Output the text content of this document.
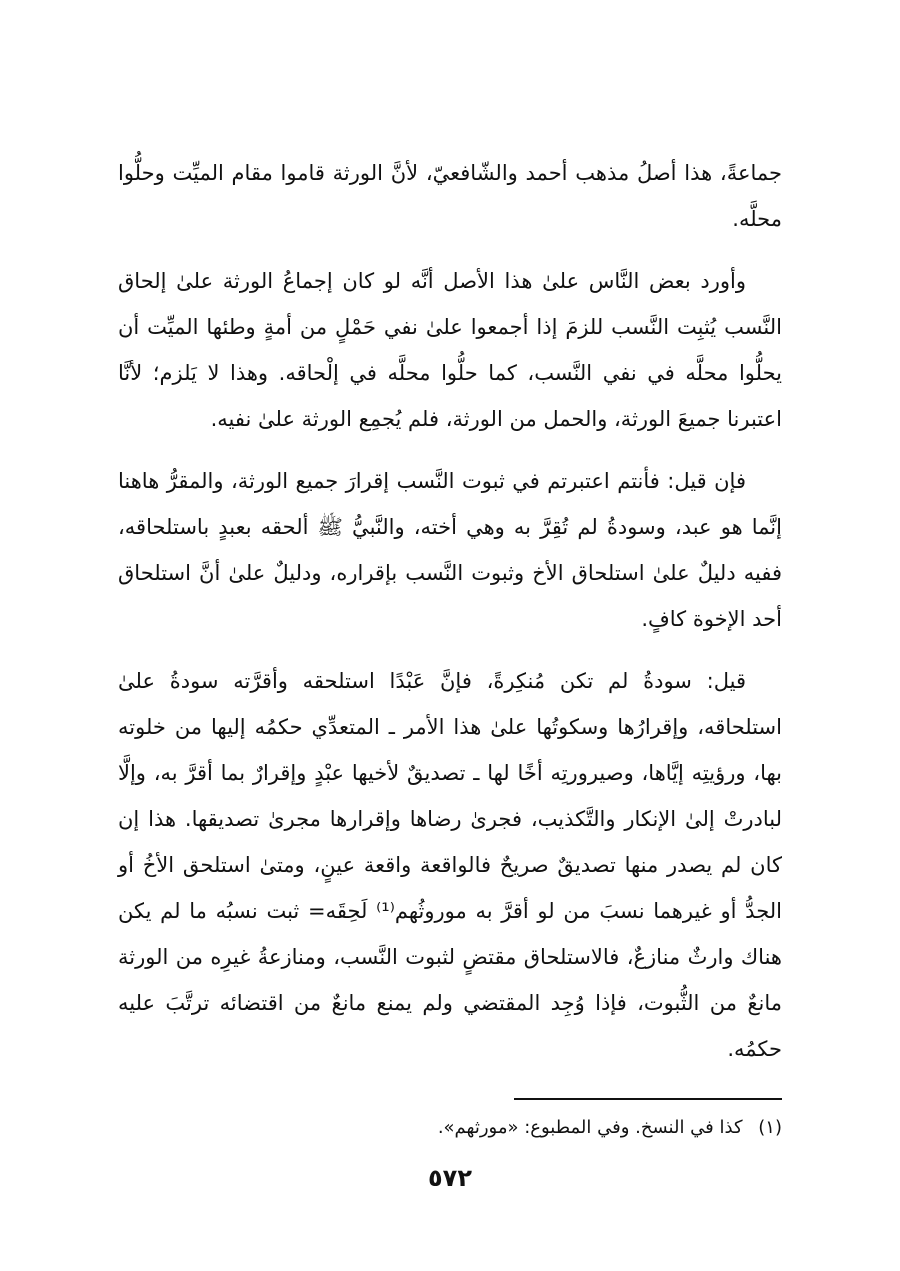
جماعةً، هذا أصلُ مذهب أحمد والشّافعيّ، لأنَّ الورثة قاموا مقام الميِّت وحلُّوا محلَّه.

وأورد بعض النَّاس علىٰ هذا الأصل أنَّه لو كان إجماعُ الورثة علىٰ إلحاق النَّسب يُثبِت النَّسب للزمَ إذا أجمعوا علىٰ نفي حَمْلٍ من أمةٍ وطئها الميِّت أن يحلُّوا محلَّه في نفي النَّسب، كما حلُّوا محلَّه في إلْحاقه. وهذا لا يَلزم؛ لأنَّا اعتبرنا جميعَ الورثة، والحمل من الورثة، فلم يُجمِع الورثة علىٰ نفيه.

فإن قيل: فأنتم اعتبرتم في ثبوت النَّسب إقرارَ جميع الورثة، والمقرُّ هاهنا إنَّما هو عبد، وسودةُ لم تُقِرَّ به وهي أخته، والنَّبيُّ ﷺ ألحقه بعبدٍ باستلحاقه، ففيه دليلٌ علىٰ استلحاق الأخ وثبوت النَّسب بإقراره، ودليلٌ علىٰ أنَّ استلحاق أحد الإخوة كافٍ.

قيل: سودةُ لم تكن مُنكِرةً، فإنَّ عَبْدًا استلحقه وأقرَّته سودةُ علىٰ استلحاقه، وإقرارُها وسكوتُها علىٰ هذا الأمر ـ المتعدِّي حكمُه إليها من خلوته بها، ورؤيتِه إيَّاها، وصيرورتِه أخًا لها ـ تصديقٌ لأخيها عبْدٍ وإقرارٌ بما أقرَّ به، وإلَّا لبادرتْ إلىٰ الإنكار والتَّكذيب، فجرىٰ رضاها وإقرارها مجرىٰ تصديقها. هذا إن كان لم يصدر منها تصديقٌ صريحٌ فالواقعة واقعة عينٍ، ومتىٰ استلحق الأخُ أو الجدُّ أو غيرهما نسبَ من لو أقرَّ به موروثُهم⁽¹⁾ لَحِقَه= ثبت نسبُه ما لم يكن هناك وارثٌ منازعٌ، فالاستلحاق مقتضٍ لثبوت النَّسب، ومنازعةُ غيرِه من الورثة مانعٌ من الثُّبوت، فإذا وُجِد المقتضي ولم يمنع مانعٌ من اقتضائه ترتَّبَ عليه حكمُه.

(١) كذا في النسخ. وفي المطبوع: «مورثهم».
٥٧٢
